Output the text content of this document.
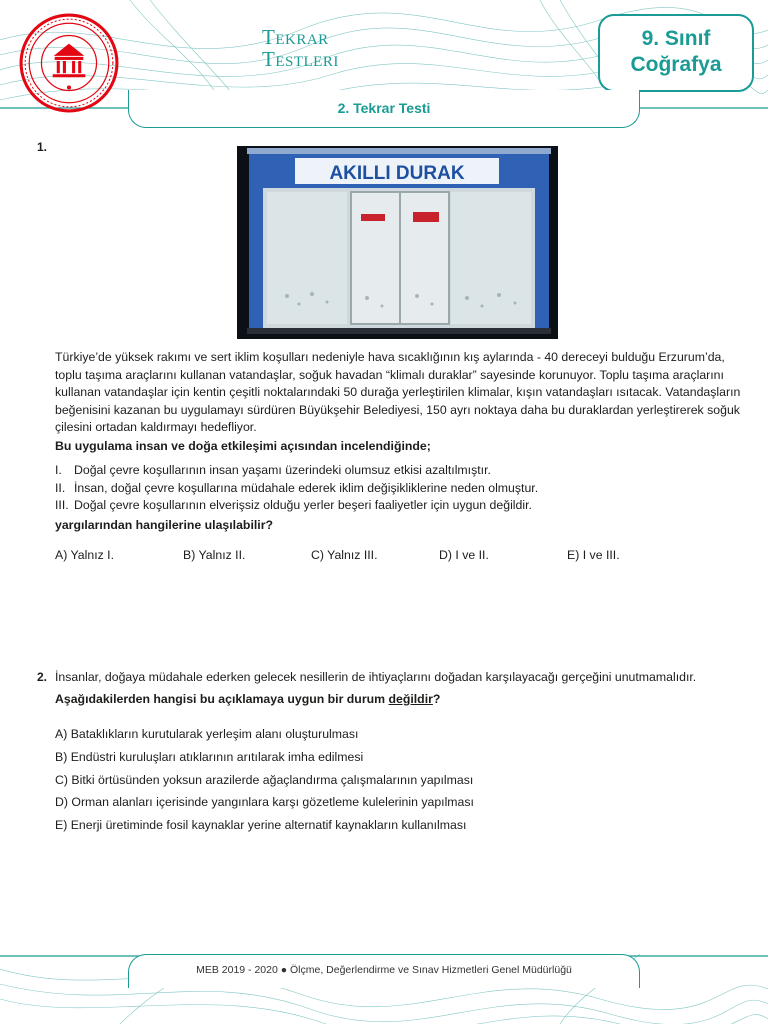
Tekrar
Testleri
9. Sınıf
Coğrafya
2. Tekrar Testi
1.
AKILLI DURAK
Türkiye’de yüksek rakımı ve sert iklim koşulları nedeniyle hava sıcaklığının kış aylarında - 40 dereceyi bulduğu Erzurum’da, toplu taşıma araçlarını kullanan vatandaşlar, soğuk havadan “klimalı duraklar” sayesinde korunuyor. Toplu taşıma araçlarını kullanan vatandaşlar için kentin çeşitli noktalarındaki 50 durağa yerleştirilen klimalar, kışın vatandaşları ısıtacak. Vatandaşların beğenisini kazanan bu uygulamayı sürdüren Büyükşehir Belediyesi, 150 ayrı noktaya daha bu duraklardan yerleştirerek soğuk çilesini ortadan kaldırmayı hedefliyor.
Bu uygulama insan ve doğa etkileşimi açısından incelendiğinde;
I. Doğal çevre koşullarının insan yaşamı üzerindeki olumsuz etkisi azaltılmıştır.
II. İnsan, doğal çevre koşullarına müdahale ederek iklim değişikliklerine neden olmuştur.
III. Doğal çevre koşullarının elverişsiz olduğu yerler beşeri faaliyetler için uygun değildir.
yargılarından hangilerine ulaşılabilir?
A) Yalnız I.	B) Yalnız II.	C) Yalnız III.	D) I ve II.	E) I ve III.
2. İnsanlar, doğaya müdahale ederken gelecek nesillerin de ihtiyaçlarını doğadan karşılayacağı gerçeğini unutmamalıdır.
Aşağıdakilerden hangisi bu açıklamaya uygun bir durum değildir?
A) Bataklıkların kurutularak yerleşim alanı oluşturulması
B) Endüstri kuruluşları atıklarının arıtılarak imha edilmesi
C) Bitki örtüsünden yoksun arazilerde ağaçlandırma çalışmalarının yapılması
D) Orman alanları içerisinde yangınlara karşı gözetleme kulelerinin yapılması
E) Enerji üretiminde fosil kaynaklar yerine alternatif kaynakların kullanılması
MEB 2019 - 2020 ● Ölçme, Değerlendirme ve Sınav Hizmetleri Genel Müdürlüğü
